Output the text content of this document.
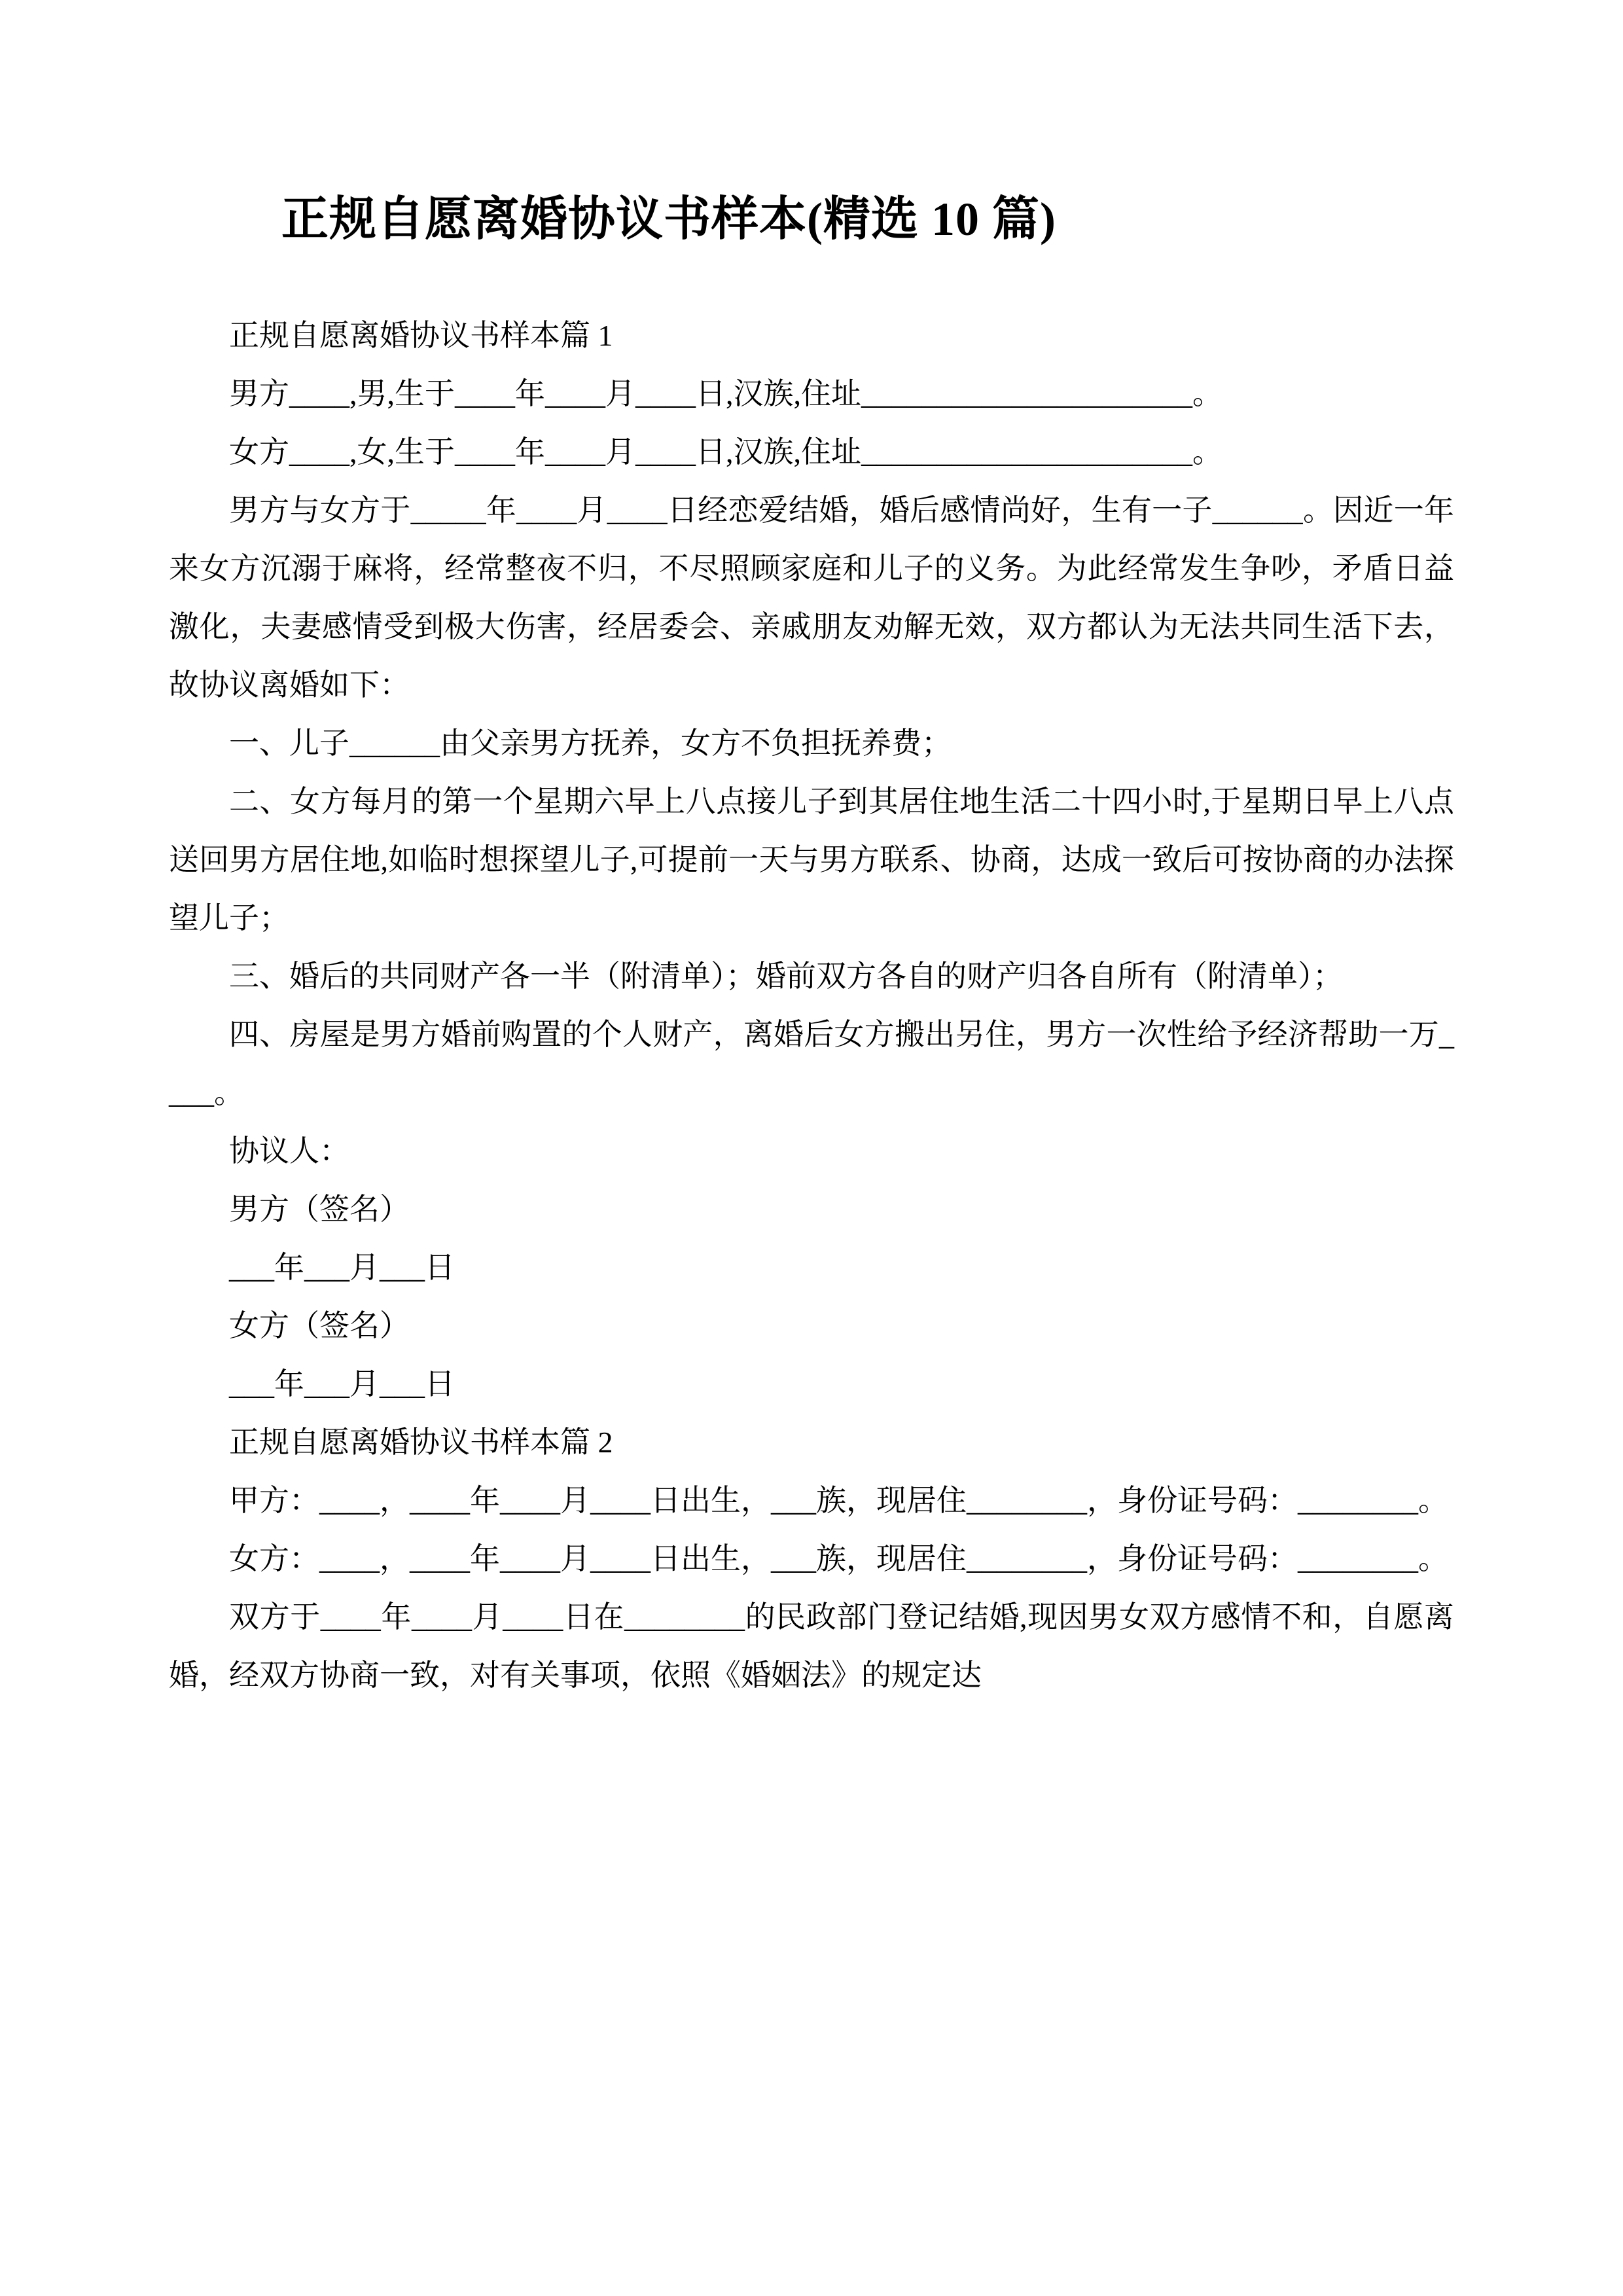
正规自愿离婚协议书样本(精选 10 篇)

正规自愿离婚协议书样本篇 1

男方____,男,生于____年____月____日,汉族,住址______________________。

女方____,女,生于____年____月____日,汉族,住址______________________。

男方与女方于_____年____月____日经恋爱结婚，婚后感情尚好，生有一子______。因近一年来女方沉溺于麻将，经常整夜不归，不尽照顾家庭和儿子的义务。为此经常发生争吵，矛盾日益激化，夫妻感情受到极大伤害，经居委会、亲戚朋友劝解无效，双方都认为无法共同生活下去，故协议离婚如下：

一、儿子______由父亲男方抚养，女方不负担抚养费；

二、女方每月的第一个星期六早上八点接儿子到其居住地生活二十四小时,于星期日早上八点送回男方居住地,如临时想探望儿子,可提前一天与男方联系、协商，达成一致后可按协商的办法探望儿子；

三、婚后的共同财产各一半（附清单）；婚前双方各自的财产归各自所有（附清单）；

四、房屋是男方婚前购置的个人财产，离婚后女方搬出另住，男方一次性给予经济帮助一万____。

协议人：

男方（签名）

___年___月___日

女方（签名）

___年___月___日

正规自愿离婚协议书样本篇 2

甲方：____，____年____月____日出生，___族，现居住________，身份证号码：________。

女方：____，____年____月____日出生，___族，现居住________，身份证号码：________。

双方于____年____月____日在________的民政部门登记结婚,现因男女双方感情不和，自愿离婚，经双方协商一致，对有关事项，依照《婚姻法》的规定达
